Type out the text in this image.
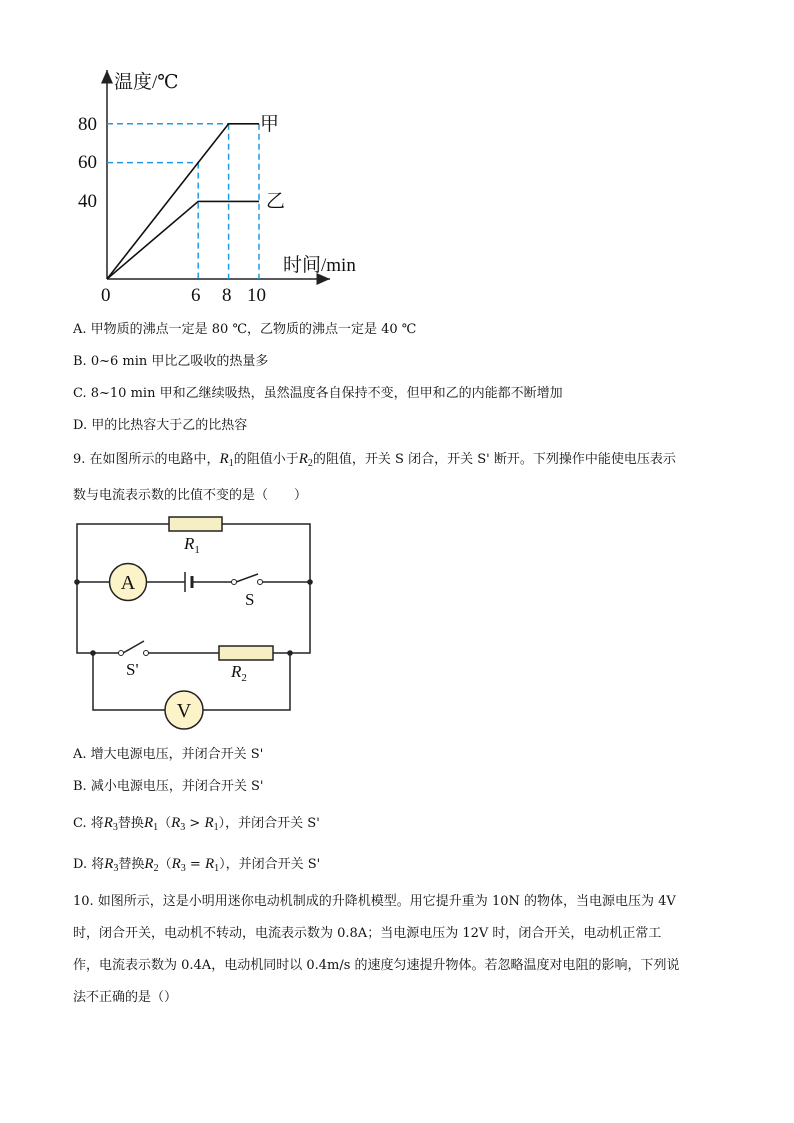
温度/℃
时间/min
80
60
40
0	6 8 10
甲
乙
A. 甲物质的沸点一定是 80 ℃，乙物质的沸点一定是 40 ℃
B. 0~6 min 甲比乙吸收的热量多
C. 8~10 min 甲和乙继续吸热，虽然温度各自保持不变，但甲和乙的内能都不断增加
D. 甲的比热容大于乙的比热容
9. 在如图所示的电路中，$R_1$的阻值小于$R_2$的阻值，开关 S 闭合，开关 S' 断开。下列操作中能使电压表示
数与电流表示数的比值不变的是（　　）
$R_1$
$R_2$
A
V
S
S'
A. 增大电源电压，并闭合开关 S'
B. 减小电源电压，并闭合开关 S'
C. 将$R_3$替换$R_1(R_3 > R_1)$，并闭合开关 S'
D. 将$R_3$替换$R_2(R_3 = R_1)$，并闭合开关 S'
10. 如图所示，这是小明用迷你电动机制成的升降机模型。用它提升重为 10N 的物体，当电源电压为 4V
时，闭合开关，电动机不转动，电流表示数为 0.8A；当电源电压为 12V 时，闭合开关，电动机正常工
作，电流表示数为 0.4A，电动机同时以 0.4m/s 的速度匀速提升物体。若忽略温度对电阻的影响，下列说
法不正确的是（）
